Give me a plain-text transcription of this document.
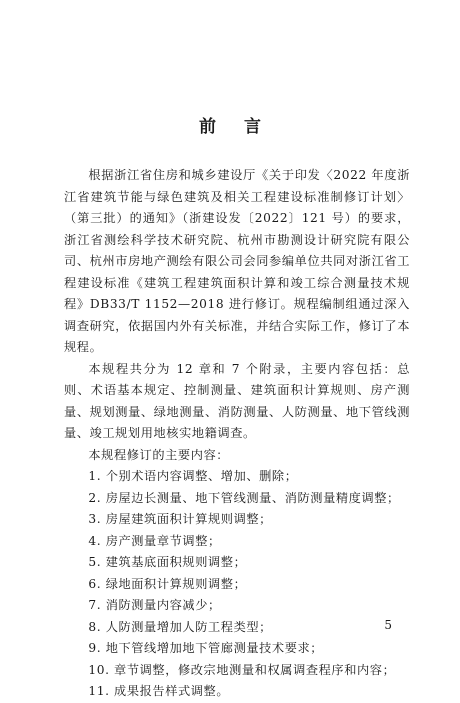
前 言

根据浙江省住房和城乡建设厅《关于印发〈2022 年度浙江省建筑节能与绿色建筑及相关工程建设标准制修订计划〉（第三批）的通知》（浙建设发〔2022〕121 号）的要求，浙江省测绘科学技术研究院、杭州市勘测设计研究院有限公司、杭州市房地产测绘有限公司会同参编单位共同对浙江省工程建设标准《建筑工程建筑面积计算和竣工综合测量技术规程》DB33/T 1152—2018 进行修订。规程编制组通过深入调查研究，依据国内外有关标准，并结合实际工作，修订了本规程。

本规程共分为 12 章和 7 个附录，主要内容包括：总则、术语基本规定、控制测量、建筑面积计算规则、房产测量、规划测量、绿地测量、消防测量、人防测量、地下管线测量、竣工规划用地核实地籍调查。

本规程修订的主要内容：

1. 个别术语内容调整、增加、删除；
2. 房屋边长测量、地下管线测量、消防测量精度调整；
3. 房屋建筑面积计算规则调整；
4. 房产测量章节调整；
5. 建筑基底面积规则调整；
6. 绿地面积计算规则调整；
7. 消防测量内容减少；
8. 人防测量增加人防工程类型；
9. 地下管线增加地下管廊测量技术要求；
10. 章节调整，修改宗地测量和权属调查程序和内容；
11. 成果报告样式调整。
5
